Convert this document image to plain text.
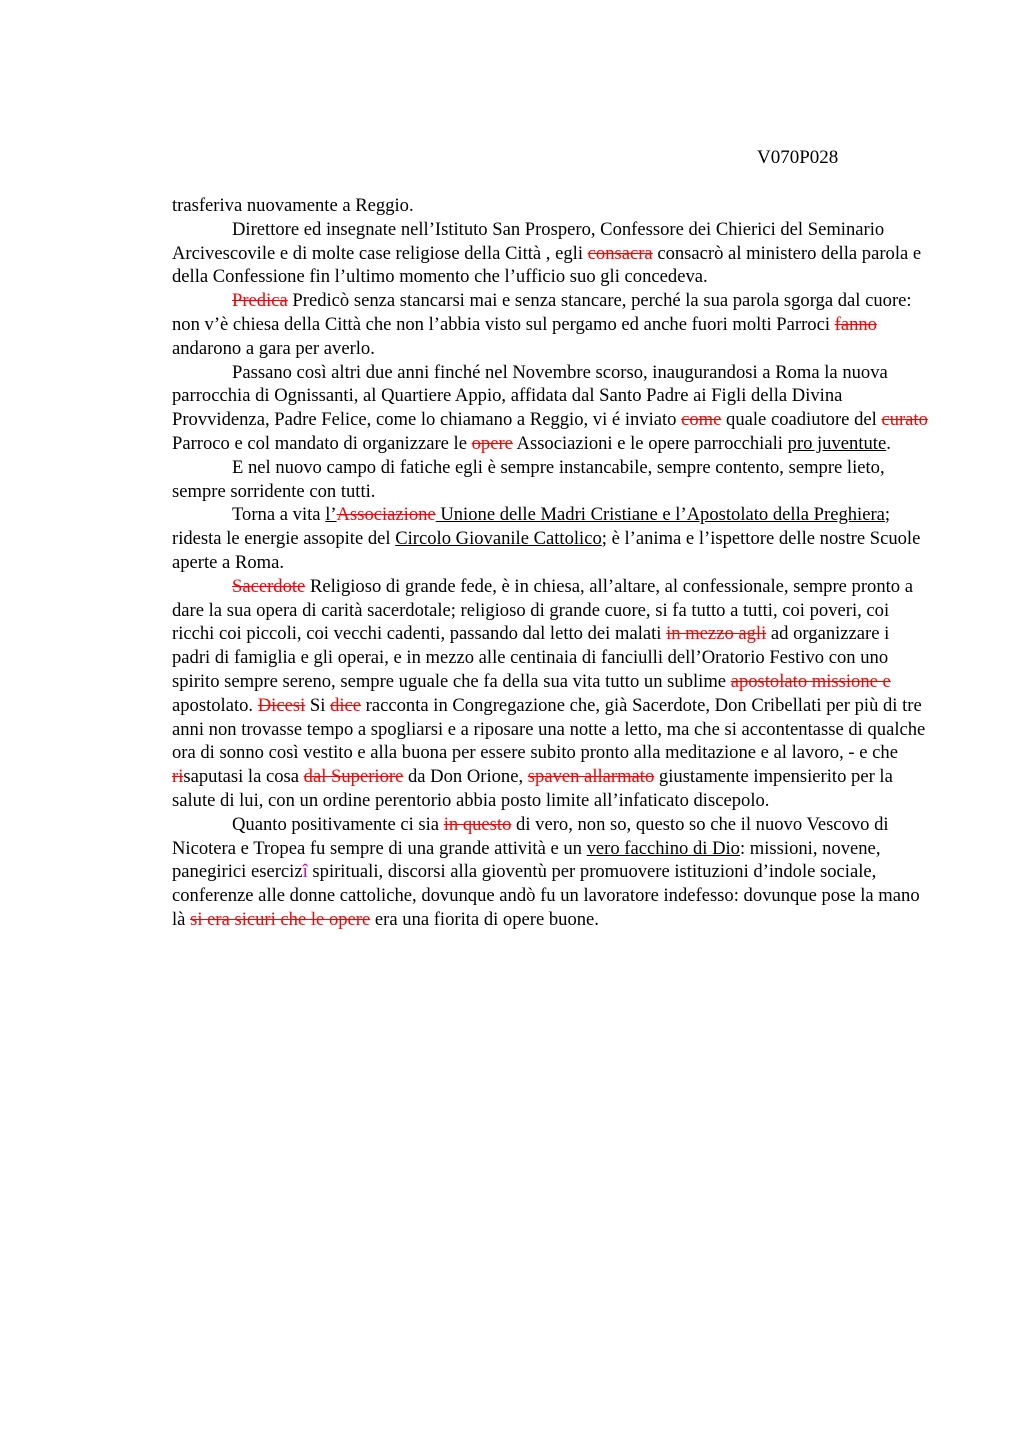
V070P028

trasferiva nuovamente a Reggio.

Direttore ed insegnate nell’Istituto San Prospero, Confessore dei Chierici del Seminario Arcivescovile e di molte case religiose della Città , egli consacra consacrò al ministero della parola e della Confessione fin l’ultimo momento che l’ufficio suo gli concedeva.

Predica Predicò senza stancarsi mai e senza stancare, perché la sua parola sgorga dal cuore: non v’è chiesa della Città che non l’abbia visto sul pergamo ed anche fuori molti Parroci fanno andarono a gara per averlo.

Passano così altri due anni finché nel Novembre scorso, inaugurandosi a Roma la nuova parrocchia di Ognissanti, al Quartiere Appio, affidata dal Santo Padre ai Figli della Divina Provvidenza, Padre Felice, come lo chiamano a Reggio, vi é inviato come quale coadiutore del curato Parroco e col mandato di organizzare le opere Associazioni e le opere parrocchiali pro juventute.

E nel nuovo campo di fatiche egli è sempre instancabile, sempre contento, sempre lieto, sempre sorridente con tutti.

Torna a vita l’Associazione Unione delle Madri Cristiane e l’Apostolato della Preghiera; ridesta le energie assopite del Circolo Giovanile Cattolico; è l’anima e l’ispettore delle nostre Scuole aperte a Roma.

Sacerdote Religioso di grande fede, è in chiesa, all’altare, al confessionale, sempre pronto a dare la sua opera di carità sacerdotale; religioso di grande cuore, si fa tutto a tutti, coi poveri, coi ricchi coi piccoli, coi vecchi cadenti, passando dal letto dei malati in mezzo agli ad organizzare i padri di famiglia e gli operai, e in mezzo alle centinaia di fanciulli dell’Oratorio Festivo con uno spirito sempre sereno, sempre uguale che fa della sua vita tutto un sublime apostolato missione e apostolato. Dicesi Si dice racconta in Congregazione che, già Sacerdote, Don Cribellati per più di tre anni non trovasse tempo a spogliarsi e a riposare una notte a letto, ma che si accontentasse di qualche ora di sonno così vestito e alla buona per essere subito pronto alla meditazione e al lavoro, - e che risaputasi la cosa dal Superiore da Don Orione, spaven allarmato giustamente impensierito per la salute di lui, con un ordine perentorio abbia posto limite all’infaticato discepolo.

Quanto positivamente ci sia in questo di vero, non so, questo so che il nuovo Vescovo di Nicotera e Tropea fu sempre di una grande attività e un vero facchino di Dio: missioni, novene, panegirici esercizî spirituali, discorsi alla gioventù per promuovere istituzioni d’indole sociale, conferenze alle donne cattoliche, dovunque andò fu un lavoratore indefesso: dovunque pose la mano là si era sicuri che le opere era una fiorita di opere buone.
